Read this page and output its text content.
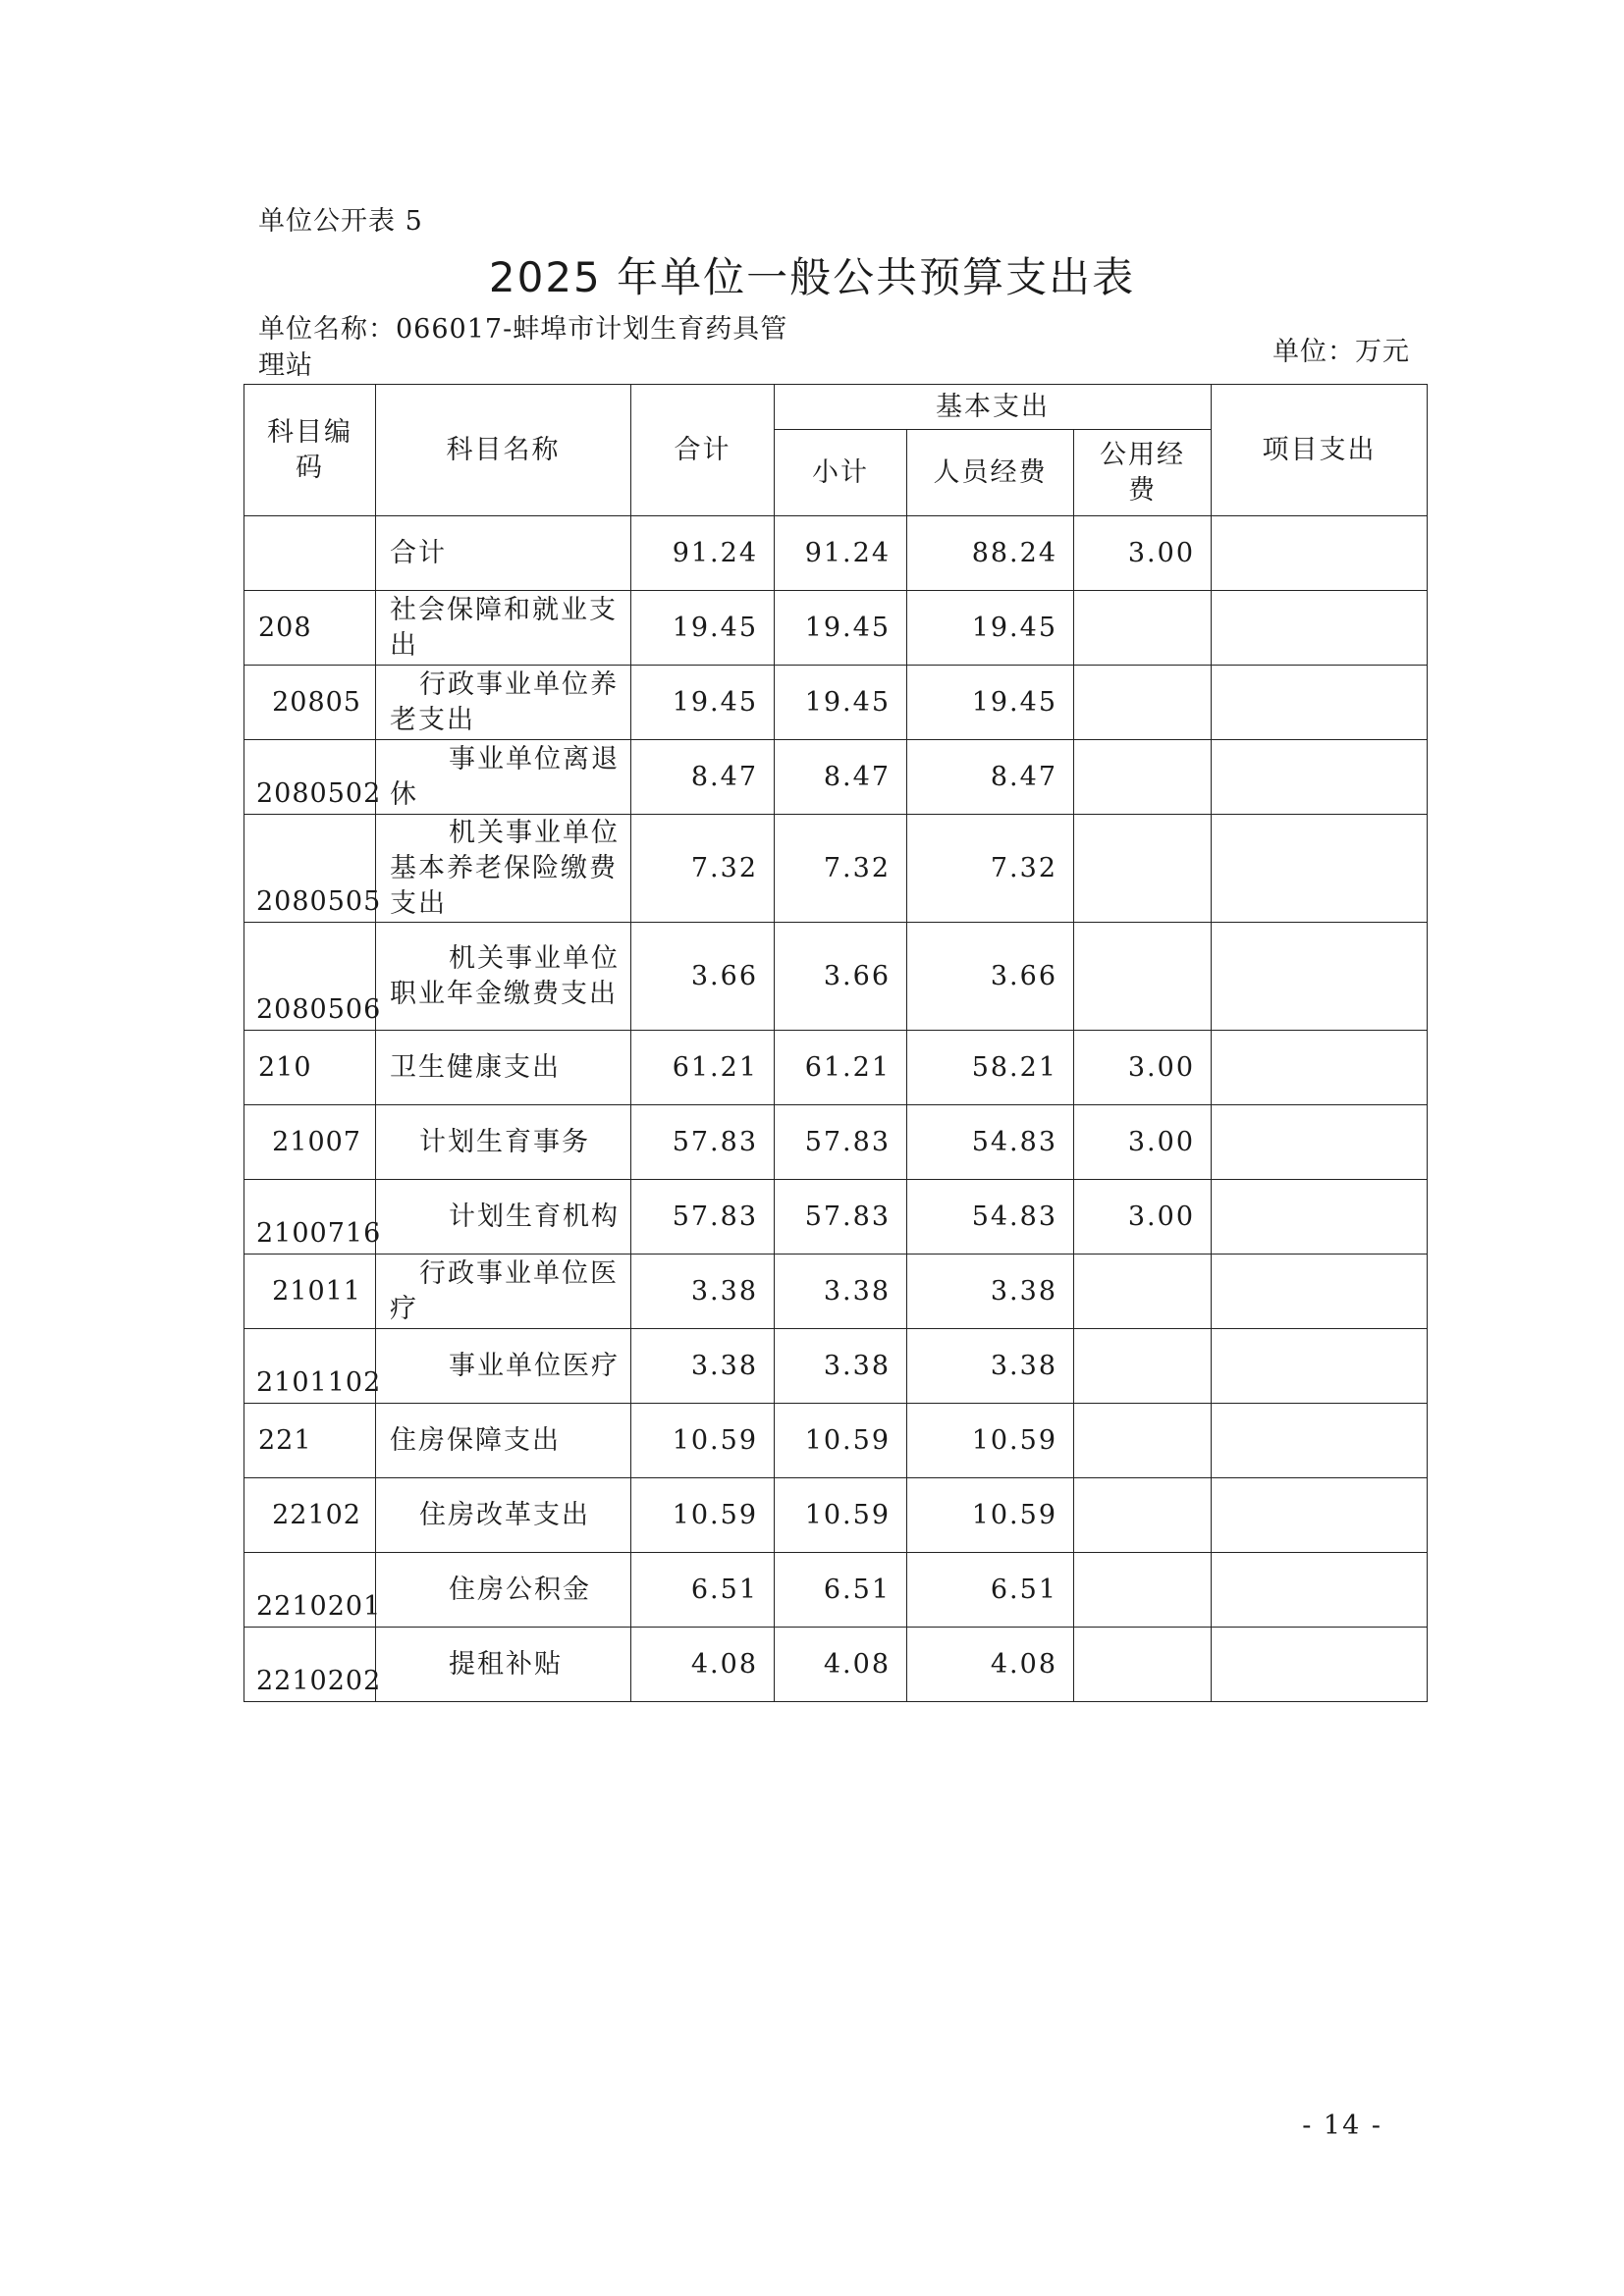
单位公开表 5
2025 年单位一般公共预算支出表
单位名称：066017-蚌埠市计划生育药具管理站	单位：万元
科目编码	科目名称	合计	基本支出			项目支出
			小计	人员经费	公用经费	
	合计	91.24	91.24	88.24	3.00	
208	社会保障和就业支出	19.45	19.45	19.45		
20805	行政事业单位养老支出	19.45	19.45	19.45		
2080502	事业单位离退休	8.47	8.47	8.47		
2080505	机关事业单位基本养老保险缴费支出	7.32	7.32	7.32		
2080506	机关事业单位职业年金缴费支出	3.66	3.66	3.66		
210	卫生健康支出	61.21	61.21	58.21	3.00	
21007	计划生育事务	57.83	57.83	54.83	3.00	
2100716	计划生育机构	57.83	57.83	54.83	3.00	
21011	行政事业单位医疗	3.38	3.38	3.38		
2101102	事业单位医疗	3.38	3.38	3.38		
221	住房保障支出	10.59	10.59	10.59		
22102	住房改革支出	10.59	10.59	10.59		
2210201	住房公积金	6.51	6.51	6.51		
2210202	提租补贴	4.08	4.08	4.08		
- 14 -
